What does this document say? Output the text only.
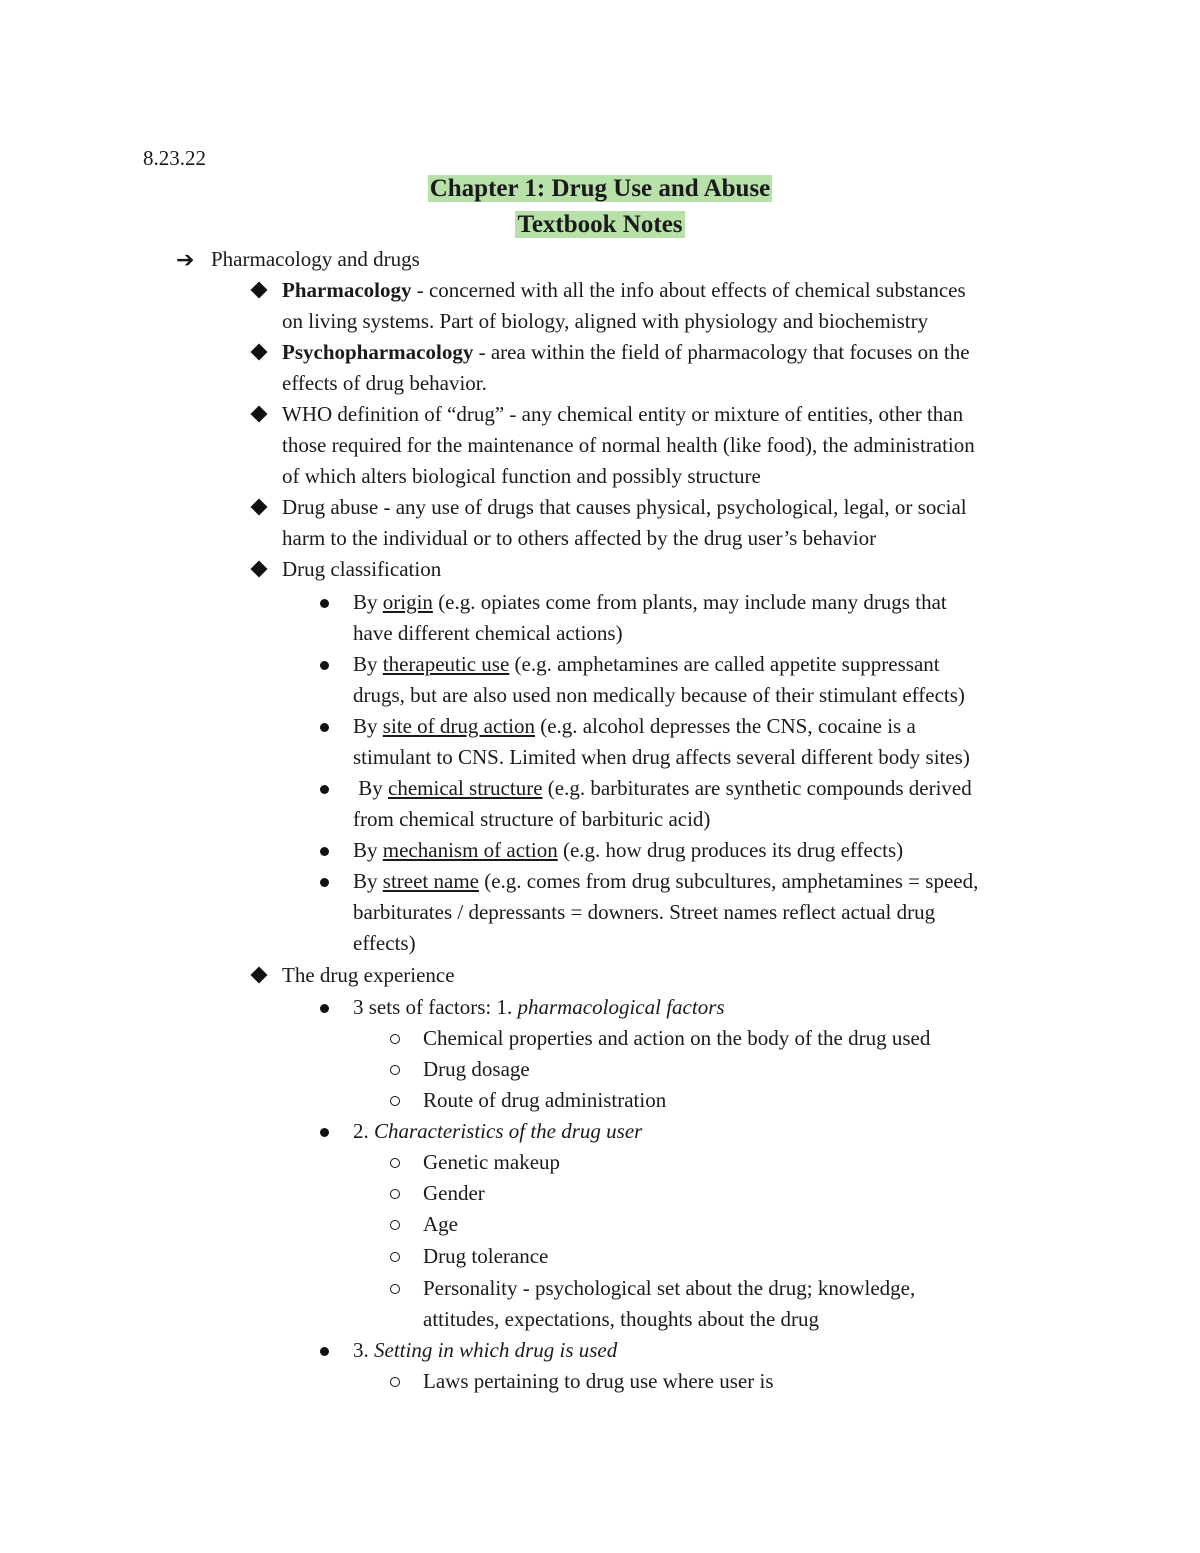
8.23.22
Chapter 1: Drug Use and Abuse
Textbook Notes
➔ Pharmacology and drugs
Pharmacology - concerned with all the info about effects of chemical substances
on living systems. Part of biology, aligned with physiology and biochemistry
Psychopharmacology - area within the field of pharmacology that focuses on the
effects of drug behavior.
WHO definition of “drug” - any chemical entity or mixture of entities, other than
those required for the maintenance of normal health (like food), the administration
of which alters biological function and possibly structure
Drug abuse - any use of drugs that causes physical, psychological, legal, or social
harm to the individual or to others affected by the drug user’s behavior
Drug classification
By origin (e.g. opiates come from plants, may include many drugs that
have different chemical actions)
By therapeutic use (e.g. amphetamines are called appetite suppressant
drugs, but are also used non medically because of their stimulant effects)
By site of drug action (e.g. alcohol depresses the CNS, cocaine is a
stimulant to CNS. Limited when drug affects several different body sites)
By chemical structure (e.g. barbiturates are synthetic compounds derived
from chemical structure of barbituric acid)
By mechanism of action (e.g. how drug produces its drug effects)
By street name (e.g. comes from drug subcultures, amphetamines = speed,
barbiturates / depressants = downers. Street names reflect actual drug
effects)
The drug experience
3 sets of factors: 1. pharmacological factors
Chemical properties and action on the body of the drug used
Drug dosage
Route of drug administration
2. Characteristics of the drug user
Genetic makeup
Gender
Age
Drug tolerance
Personality - psychological set about the drug; knowledge,
attitudes, expectations, thoughts about the drug
3. Setting in which drug is used
Laws pertaining to drug use where user is
